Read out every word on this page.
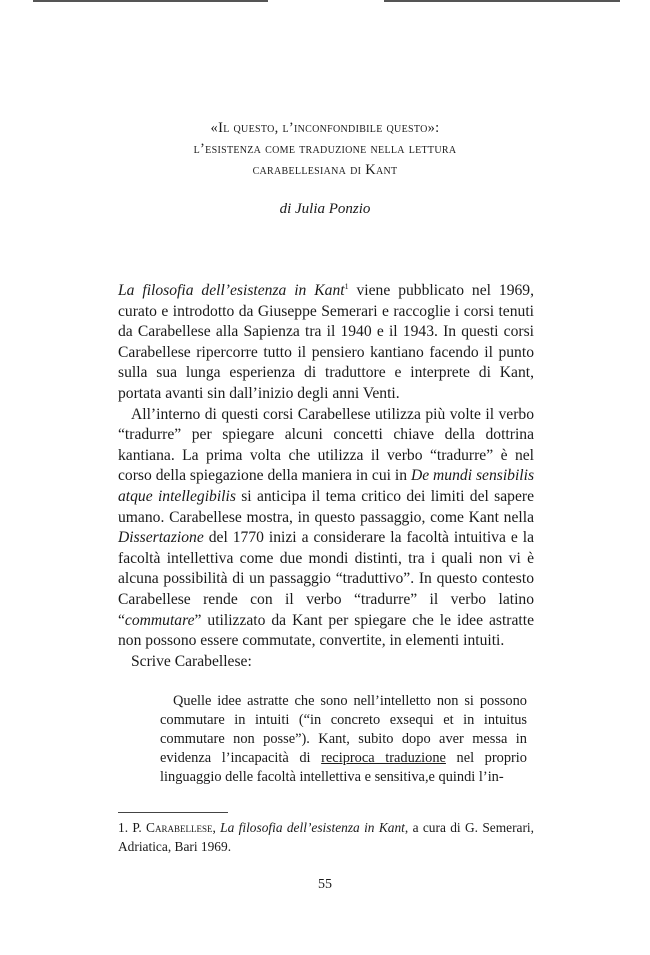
«Il questo, l’inconfondibile questo»:
l’esistenza come traduzione nella lettura
carabellesiana di Kant
di Julia Ponzio

La filosofia dell’esistenza in Kant$^1$ viene pubblicato nel 1969, curato e introdotto da Giuseppe Semerari e raccoglie i corsi tenuti da Carabellese alla Sapienza tra il 1940 e il 1943. In questi corsi Carabellese ripercorre tutto il pensiero kantiano facendo il punto sulla sua lunga esperienza di traduttore e interprete di Kant, portata avanti sin dall’inizio degli anni Venti.

All’interno di questi corsi Carabellese utilizza più volte il verbo “tradurre” per spiegare alcuni concetti chiave della dottrina kantiana. La prima volta che utilizza il verbo “tradurre” è nel corso della spiegazione della maniera in cui in De mundi sensibilis atque intellegibilis si anticipa il tema critico dei limiti del sapere umano. Carabellese mostra, in questo passaggio, come Kant nella Dissertazione del 1770 inizi a considerare la facoltà intuitiva e la facoltà intellettiva come due mondi distinti, tra i quali non vi è alcuna possibilità di un passaggio “traduttivo”. In questo contesto Carabellese rende con il verbo “tradurre” il verbo latino “commutare” utilizzato da Kant per spiegare che le idee astratte non possono essere commutate, convertite, in elementi intuiti.

Scrive Carabellese:

Quelle idee astratte che sono nell’intelletto non si possono commutare in intuiti (“in concreto exsequi et in intuitus commutare non posse”). Kant, subito dopo aver messa in evidenza l’incapacità di reciproca traduzione nel proprio linguaggio delle facoltà intellettiva e sensitiva,e quindi l’in-

1. P. Carabellese, La filosofia dell’esistenza in Kant, a cura di G. Semerari, Adriatica, Bari 1969.
55
